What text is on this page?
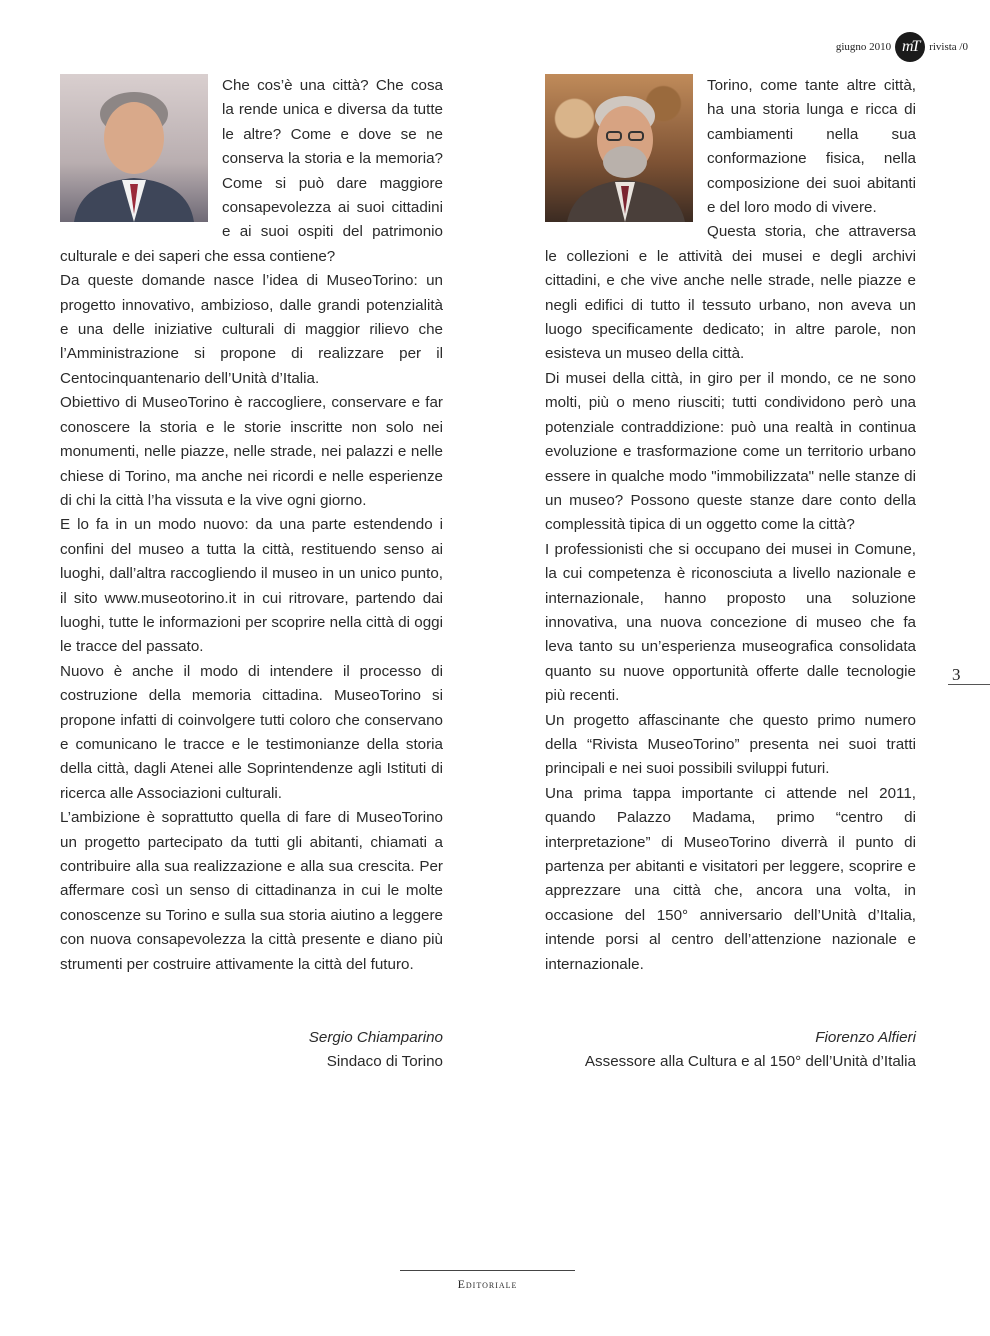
giugno 2010 mT rivista /0

Che cos’è una città? Che cosa la rende unica e diversa da tutte le altre? Come e dove se ne conserva la storia e la memoria? Come si può dare maggiore consapevolezza ai suoi cittadini e ai suoi ospiti del patrimonio culturale e dei saperi che essa contiene?

Da queste domande nasce l’idea di MuseoTorino: un progetto innovativo, ambizioso, dalle grandi potenzialità e una delle iniziative culturali di maggior rilievo che l’Amministrazione si propone di realizzare per il Centocinquantenario dell’Unità d’Italia.

Obiettivo di MuseoTorino è raccogliere, conservare e far conoscere la storia e le storie inscritte non solo nei monumenti, nelle piazze, nelle strade, nei palazzi e nelle chiese di Torino, ma anche nei ricordi e nelle esperienze di chi la città l’ha vissuta e la vive ogni giorno.

E lo fa in un modo nuovo: da una parte estendendo i confini del museo a tutta la città, restituendo senso ai luoghi, dall’altra raccogliendo il museo in un unico punto, il sito www.museotorino.it in cui ritrovare, partendo dai luoghi, tutte le informazioni per scoprire nella città di oggi le tracce del passato.

Nuovo è anche il modo di intendere il processo di costruzione della memoria cittadina. MuseoTorino si propone infatti di coinvolgere tutti coloro che conservano e comunicano le tracce e le testimonianze della storia della città, dagli Atenei alle Soprintendenze agli Istituti di ricerca alle Associazioni culturali.

L’ambizione è soprattutto quella di fare di MuseoTorino un progetto partecipato da tutti gli abitanti, chiamati a contribuire alla sua realizzazione e alla sua crescita. Per affermare così un senso di cittadinanza in cui le molte conoscenze su Torino e sulla sua storia aiutino a leggere con nuova consapevolezza la città presente e diano più strumenti per costruire attivamente la città del futuro.

Torino, come tante altre città, ha una storia lunga e ricca di cambiamenti nella sua conformazione fisica, nella composizione dei suoi abitanti e del loro modo di vivere.

Questa storia, che attraversa le collezioni e le attività dei musei e degli archivi cittadini, e che vive anche nelle strade, nelle piazze e negli edifici di tutto il tessuto urbano, non aveva un luogo specificamente dedicato; in altre parole, non esisteva un museo della città.

Di musei della città, in giro per il mondo, ce ne sono molti, più o meno riusciti; tutti condividono però una potenziale contraddizione: può una realtà in continua evoluzione e trasformazione come un territorio urbano essere in qualche modo "immobilizzata" nelle stanze di un museo? Possono queste stanze dare conto della complessità tipica di un oggetto come la città?

I professionisti che si occupano dei musei in Comune, la cui competenza è riconosciuta a livello nazionale e internazionale, hanno proposto una soluzione innovativa, una nuova concezione di museo che fa leva tanto su un’esperienza museografica consolidata quanto su nuove opportunità offerte dalle tecnologie più recenti.

Un progetto affascinante che questo primo numero della “Rivista MuseoTorino” presenta nei suoi tratti principali e nei suoi possibili sviluppi futuri.

Una prima tappa importante ci attende nel 2011, quando Palazzo Madama, primo “centro di interpretazione” di MuseoTorino diverrà il punto di partenza per abitanti e visitatori per leggere, scoprire e apprezzare una città che, ancora una volta, in occasione del 150° anniversario dell’Unità d’Italia, intende porsi al centro dell’attenzione nazionale e internazionale.

Sergio Chiamparino
Sindaco di Torino
Fiorenzo Alfieri
Assessore alla Cultura e al 150° dell’Unità d’Italia
3
Editoriale
